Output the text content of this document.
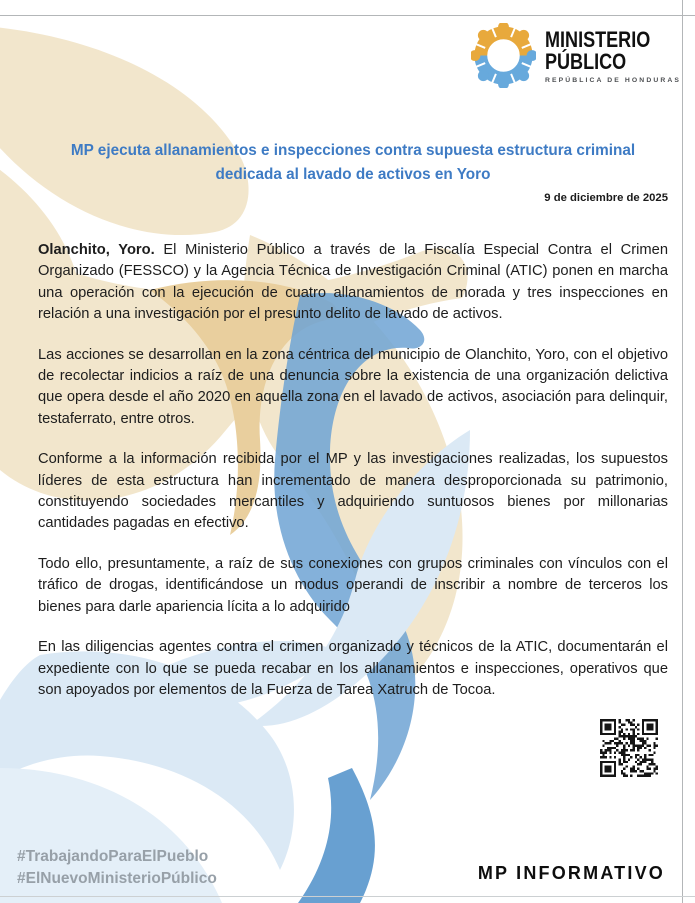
MINISTERIO
PÚBLICO
REPÚBLICA DE HONDURAS
MP ejecuta allanamientos e inspecciones contra supuesta estructura criminal dedicada al lavado de activos en Yoro
9 de diciembre de 2025

Olanchito, Yoro. El Ministerio Público a través de la Fiscalía Especial Contra el Crimen Organizado (FESSCO) y la Agencia Técnica de Investigación Criminal (ATIC) ponen en marcha una operación con la ejecución de cuatro allanamientos de morada y tres inspecciones en relación a una investigación por el presunto delito de lavado de activos.

Las acciones se desarrollan en la zona céntrica del municipio de Olanchito, Yoro, con el objetivo de recolectar indicios a raíz de una denuncia sobre la existencia de una organización delictiva que opera desde el año 2020 en aquella zona en el lavado de activos, asociación para delinquir, testaferrato, entre otros.

Conforme a la información recibida por el MP y las investigaciones realizadas, los supuestos líderes de esta estructura han incrementado de manera desproporcionada su patrimonio, constituyendo sociedades mercantiles y adquiriendo suntuosos bienes por millonarias cantidades pagadas en efectivo.

Todo ello, presuntamente, a raíz de sus conexiones con grupos criminales con vínculos con el tráfico de drogas, identificándose un modus operandi de inscribir a nombre de terceros los bienes para darle apariencia lícita a lo adquirido

En las diligencias agentes contra el crimen organizado y técnicos de la ATIC, documentarán el expediente con lo que se pueda recabar en los allanamientos e inspecciones, operativos que son apoyados por elementos de la Fuerza de Tarea Xatruch de Tocoa.

#TrabajandoParaElPueblo
#ElNuevoMinisterioPúblico	MP INFORMATIVO
